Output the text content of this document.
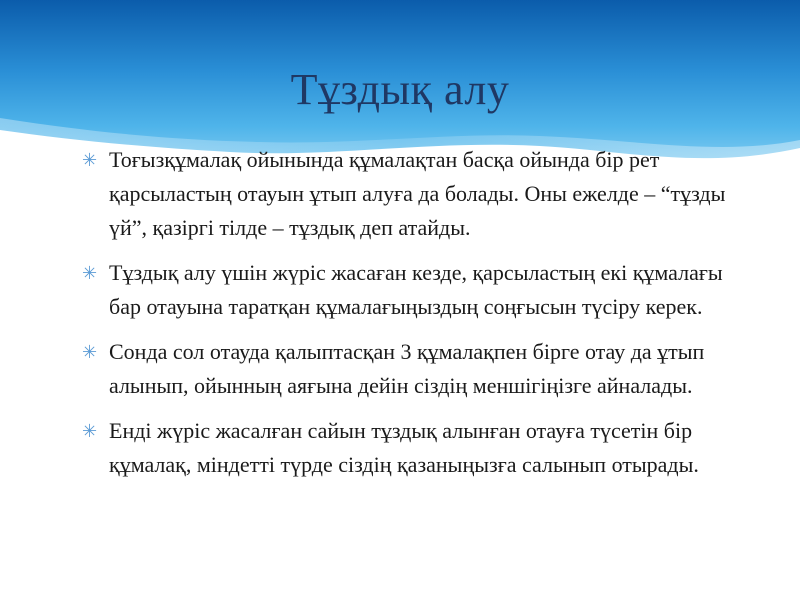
Тұздық алу
✳ Тоғызқұмалақ ойынында құмалақтан басқа ойында бір рет қарсыластың отауын ұтып алуға да болады. Оны ежелде – “тұзды үй”, қазіргі тілде – тұздық деп атайды.
✳ Тұздық алу үшін жүріс жасаған кезде, қарсыластың екі құмалағы бар отауына таратқан құмалағыңыздың соңғысын түсіру керек.
✳ Сонда сол отауда қалыптасқан 3 құмалақпен бірге отау да ұтып алынып, ойынның аяғына дейін сіздің меншігіңізге айналады.
✳ Енді жүріс жасалған сайын тұздық алынған отауға түсетін бір құмалақ, міндетті түрде сіздің қазаныңызға салынып отырады.
